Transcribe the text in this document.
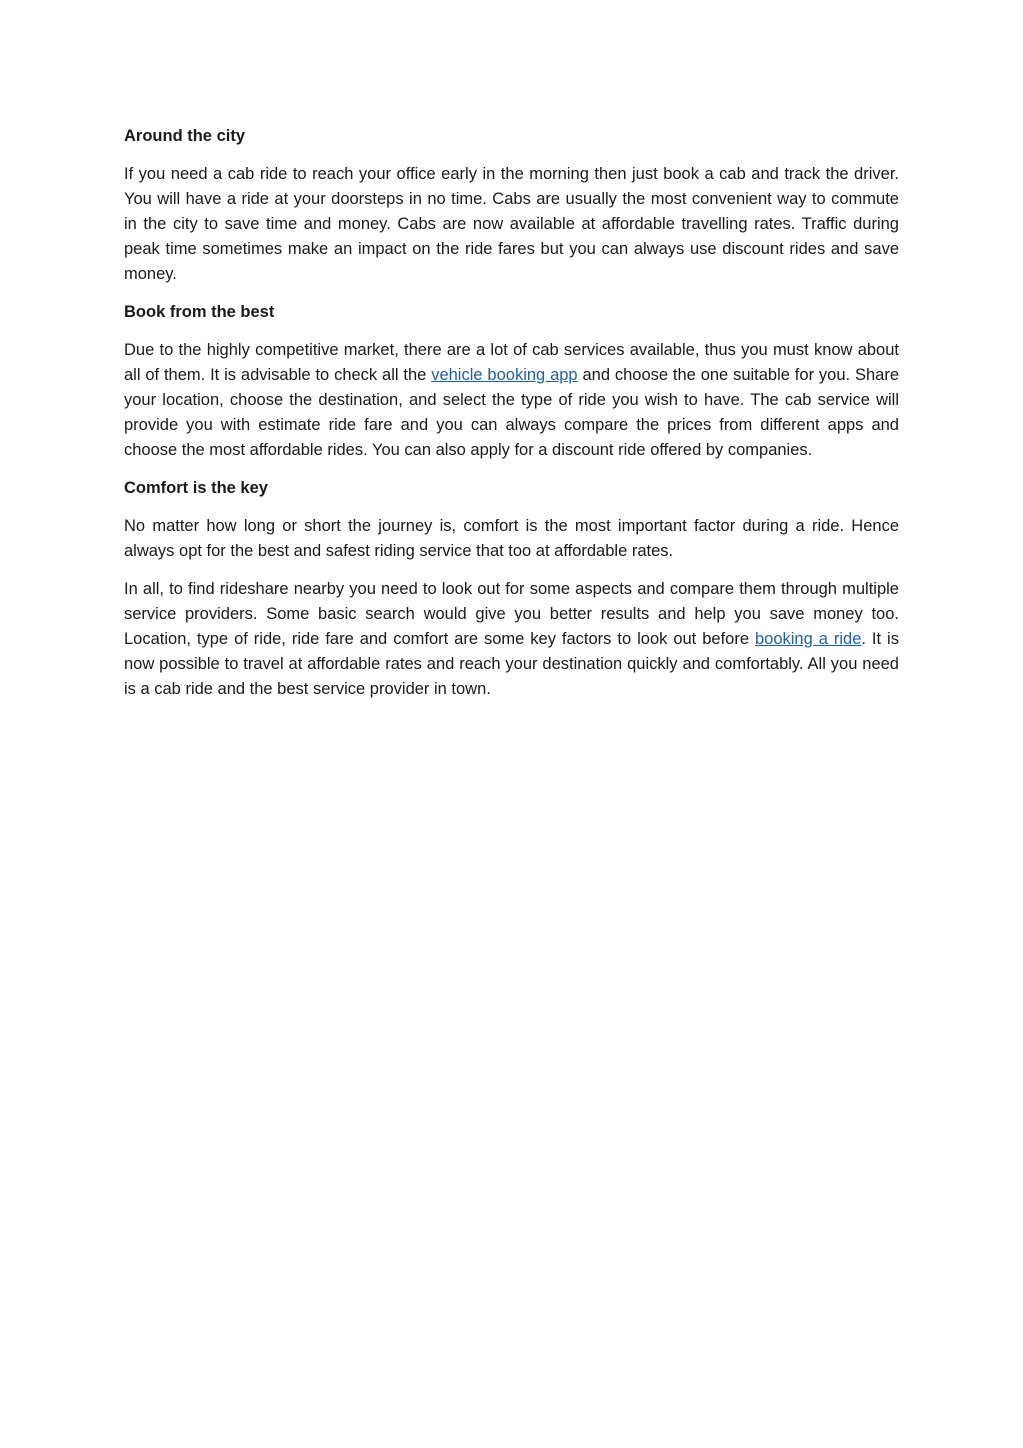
Around the city

If you need a cab ride to reach your office early in the morning then just book a cab and track the driver. You will have a ride at your doorsteps in no time. Cabs are usually the most convenient way to commute in the city to save time and money. Cabs are now available at affordable travelling rates. Traffic during peak time sometimes make an impact on the ride fares but you can always use discount rides and save money.

Book from the best

Due to the highly competitive market, there are a lot of cab services available, thus you must know about all of them. It is advisable to check all the vehicle booking app and choose the one suitable for you. Share your location, choose the destination, and select the type of ride you wish to have. The cab service will provide you with estimate ride fare and you can always compare the prices from different apps and choose the most affordable rides. You can also apply for a discount ride offered by companies.

Comfort is the key

No matter how long or short the journey is, comfort is the most important factor during a ride. Hence always opt for the best and safest riding service that too at affordable rates.

In all, to find rideshare nearby you need to look out for some aspects and compare them through multiple service providers. Some basic search would give you better results and help you save money too. Location, type of ride, ride fare and comfort are some key factors to look out before booking a ride. It is now possible to travel at affordable rates and reach your destination quickly and comfortably. All you need is a cab ride and the best service provider in town.
